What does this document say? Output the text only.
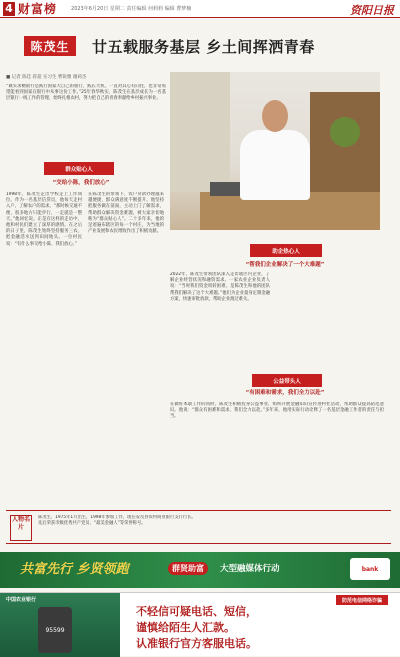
4 财富榜	2023年6月20日 星期二 责任编辑 何莉莉 编辑 曹梦楠	资阳日报
陈茂生	廿五载服务基层 乡土间挥洒青春
■ 记者 陈佳 蒋超 实习生 曹锐雅 谢莉杰
“诚实求精银行是践行国家大自己的银行，践长大机，一直对其心有向往，也非常希望能看到国家在银行中从事这份工作。”25年春华秋实，陈茂生在基层成长为一名基层银行一线工作的管理，始终扎根农村，努力把自己的青春奉献给乡村振兴事业。
群众贴心人
“交给小陈，我们放心”
1998年，陈茂生走出学校走上工作岗位。作为一名基层信贷员，他每天走村入户，了解农户的需求。“那时候交通不便，很多地方只能步行，一走就是一整天。”他回忆说。正是在这样的走访中，他和村民们建立了深厚的感情。在之后的日子里，陈茂生始终坚持服务三农，把金融活水送到田间地头。一位村民说：“有什么事交给小陈，我们放心。”
在陈茂生的带领下，农户贷款办理越来越便捷，群众满意度不断提升。他坚持把服务做在前面，主动上门了解需求，帮助群众解决资金难题，被大家亲切地称为“群众贴心人”。二十多年来，他的足迹遍布辖区的每一个村庄，为当地的产业发展和农民增收作出了积极贡献。
助企热心人
“帮我们企业解决了一个大难题”
2022年，陈茂生带领团队深入走访辖区内企业，了解企业经营状况和融资需求。一家农业企业负责人说：“当时我们资金周转困难，是陈茂生和他的团队帮我们解决了这个大难题。”他们为企业量身定制金融方案，快速审批放款，帮助企业渡过难关。
公益带头人
“有困难和需求，我们全力以赴”
在做好本职工作的同时，陈茂生积极投身公益事业，组织开展金融知识宣传进村社活动，帮助群众提高防范意识。他说：“群众有困难和需求，我们全力以赴。”多年来，他用实际行动诠释了一名基层金融工作者的责任与担当。
人物名片
陈茂生，1975年1月出生，1998年参加工作，现任安岳县农村商业银行支行行长。先后荣获市级优秀共产党员、“最美金融人”等荣誉称号。
共富先行 乡贤领跑	群贤助富	大型融媒体行动	bank
中国农业银行
95599
防范电信网络诈骗
不轻信可疑电话、短信，
谨慎给陌生人汇款。
认准银行官方客服电话。
